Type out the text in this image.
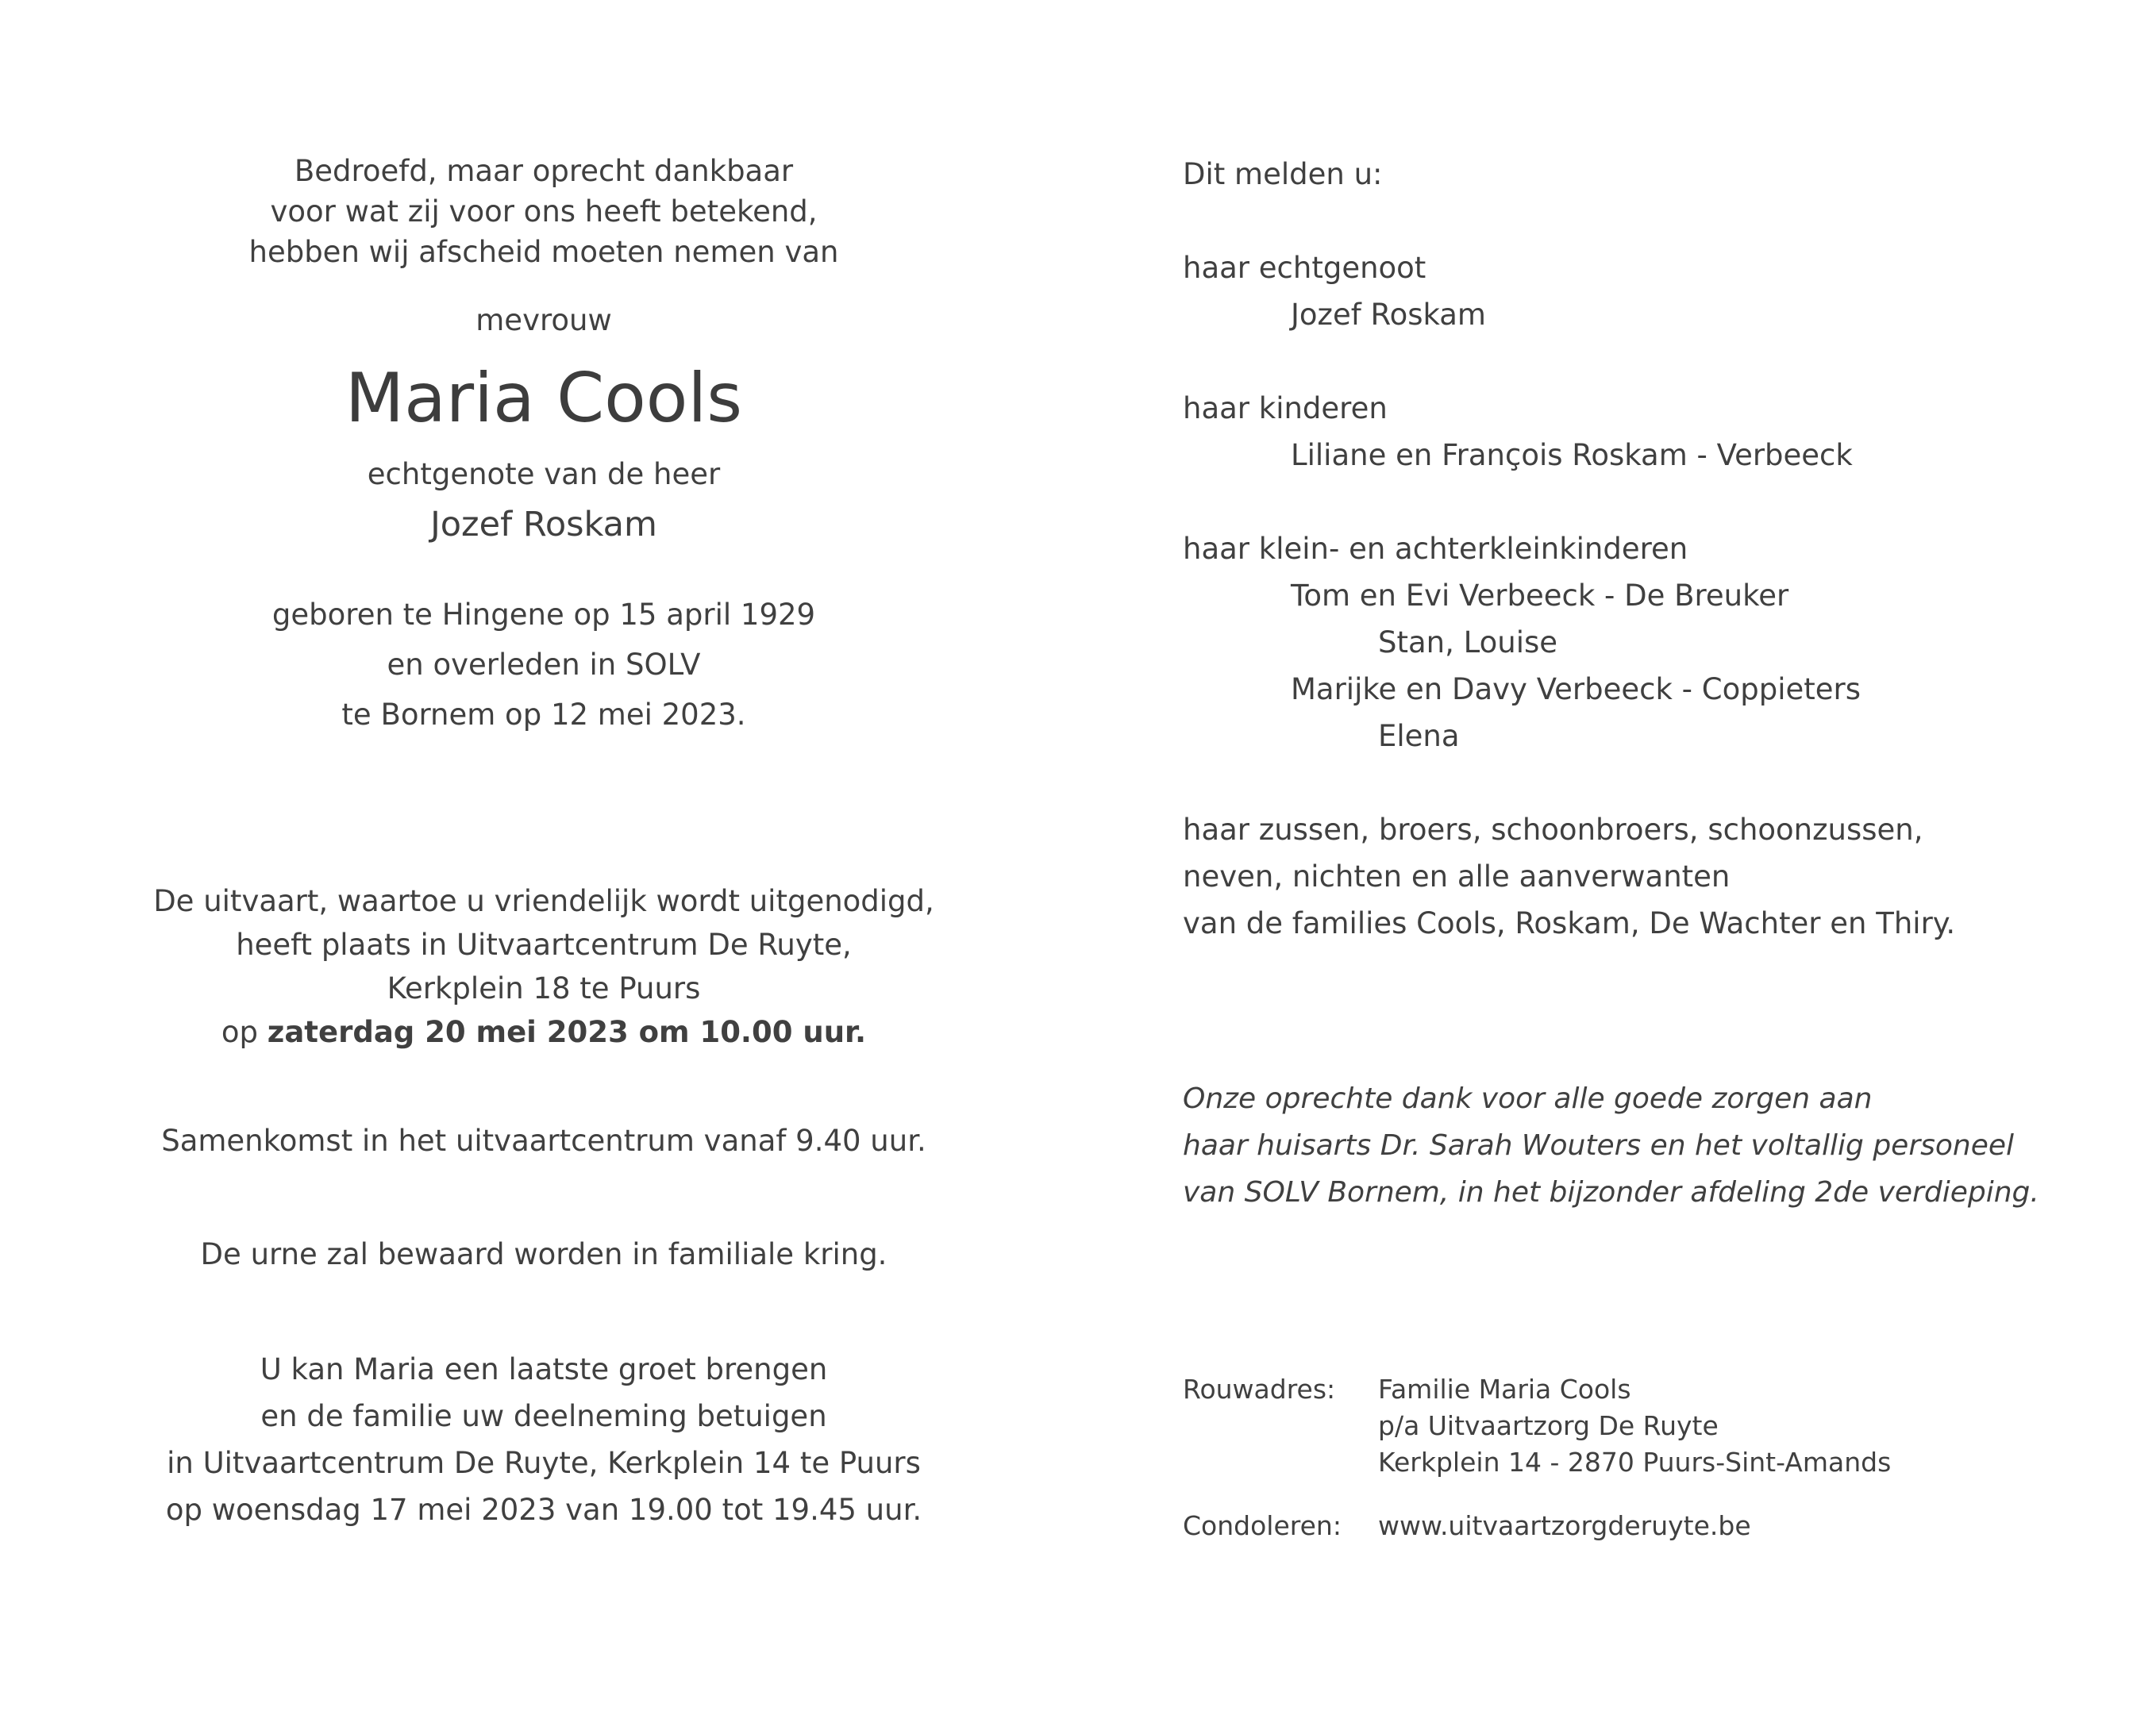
Bedroefd, maar oprecht dankbaar
voor wat zij voor ons heeft betekend,
hebben wij afscheid moeten nemen van
mevrouw
Maria Cools
echtgenote van de heer
Jozef Roskam
geboren te Hingene op 15 april 1929
en overleden in SOLV
te Bornem op 12 mei 2023.
De uitvaart, waartoe u vriendelijk wordt uitgenodigd,
heeft plaats in Uitvaartcentrum De Ruyte,
Kerkplein 18 te Puurs
op zaterdag 20 mei 2023 om 10.00 uur.
Samenkomst in het uitvaartcentrum vanaf 9.40 uur.
De urne zal bewaard worden in familiale kring.
U kan Maria een laatste groet brengen
en de familie uw deelneming betuigen
in Uitvaartcentrum De Ruyte, Kerkplein 14 te Puurs
op woensdag 17 mei 2023 van 19.00 tot 19.45 uur.
Dit melden u:
haar echtgenoot
Jozef Roskam
haar kinderen
Liliane en François Roskam - Verbeeck
haar klein- en achterkleinkinderen
Tom en Evi Verbeeck - De Breuker
Stan, Louise
Marijke en Davy Verbeeck - Coppieters
Elena
haar zussen, broers, schoonbroers, schoonzussen,
neven, nichten en alle aanverwanten
van de families Cools, Roskam, De Wachter en Thiry.
Onze oprechte dank voor alle goede zorgen aan
haar huisarts Dr. Sarah Wouters en het voltallig personeel
van SOLV Bornem, in het bijzonder afdeling 2de verdieping.
Rouwadres:	Familie Maria Cools
p/a Uitvaartzorg De Ruyte
Kerkplein 14 - 2870 Puurs-Sint-Amands
Condoleren:	www.uitvaartzorgderuyte.be
